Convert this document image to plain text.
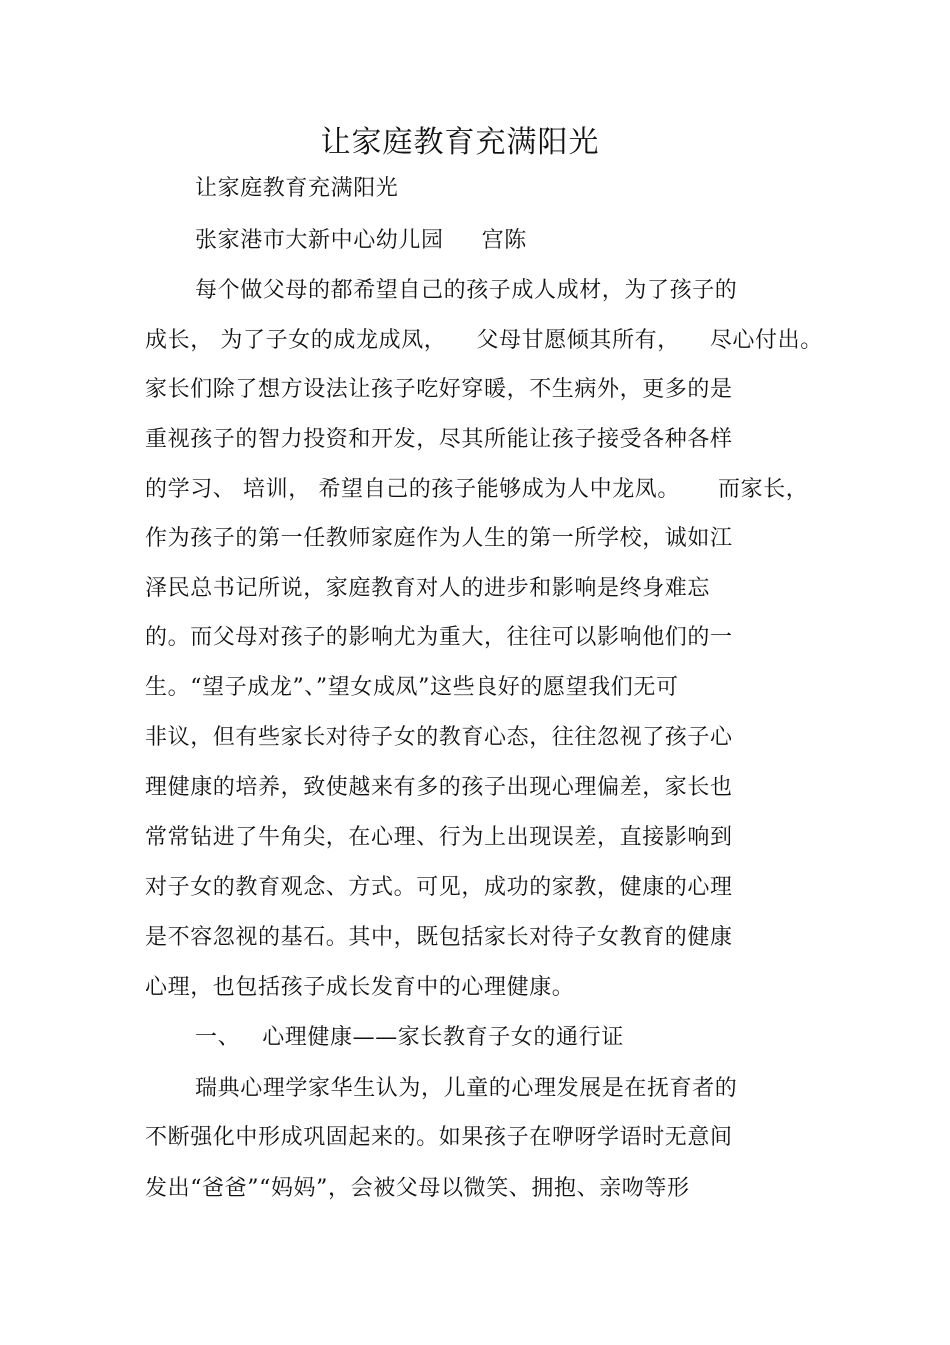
让家庭教育充满阳光
让家庭教育充满阳光
张家港市大新中心幼儿园 宫陈
每个做父母的都希望自己的孩子成人成材，为了孩子的
成长， 为了子女的成龙成凤， 父母甘愿倾其所有， 尽心付出。
家长们除了想方设法让孩子吃好穿暖，不生病外，更多的是
重视孩子的智力投资和开发，尽其所能让孩子接受各种各样
的学习、 培训， 希望自己的孩子能够成为人中龙凤。 而家长，
作为孩子的第一任教师家庭作为人生的第一所学校，诚如江
泽民总书记所说，家庭教育对人的进步和影响是终身难忘
的。而父母对孩子的影响尤为重大，往往可以影响他们的一
生。“望子成龙”、”望女成凤”这些良好的愿望我们无可
非议，但有些家长对待子女的教育心态，往往忽视了孩子心
理健康的培养，致使越来有多的孩子出现心理偏差，家长也
常常钻进了牛角尖，在心理、行为上出现误差，直接影响到
对子女的教育观念、方式。可见，成功的家教，健康的心理
是不容忽视的基石。其中，既包括家长对待子女教育的健康
心理，也包括孩子成长发育中的心理健康。
一、 心理健康——家长教育子女的通行证
瑞典心理学家华生认为，儿童的心理发展是在抚育者的
不断强化中形成巩固起来的。如果孩子在咿呀学语时无意间
发出“爸爸”“妈妈”，会被父母以微笑、拥抱、亲吻等形
